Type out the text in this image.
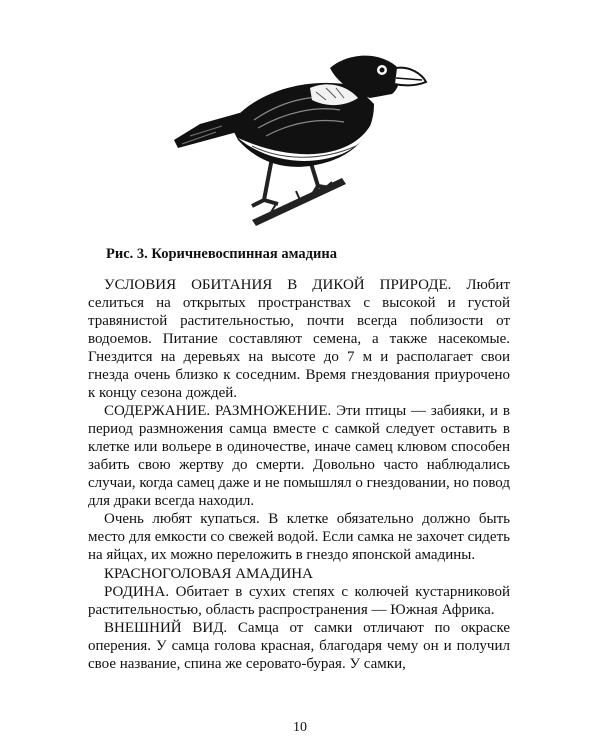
Рис. 3. Коричневоспинная амадина

УСЛОВИЯ ОБИТАНИЯ В ДИКОЙ ПРИРОДЕ. Любит селиться на открытых пространствах с высокой и густой травянистой растительностью, почти всегда поблизости от водоемов. Питание составляют семена, а также насекомые. Гнездится на деревьях на высоте до 7 м и располагает свои гнезда очень близко к соседним. Время гнездования приурочено к концу сезона дождей.

СОДЕРЖАНИЕ. РАЗМНОЖЕНИЕ. Эти птицы — забияки, и в период размножения самца вместе с самкой следует оставить в клетке или вольере в одиночестве, иначе самец клювом способен забить свою жертву до смерти. Довольно часто наблюдались случаи, когда самец даже и не помышлял о гнездовании, но повод для драки всегда находил.

Очень любят купаться. В клетке обязательно должно быть место для емкости со свежей водой. Если самка не захочет сидеть на яйцах, их можно переложить в гнездо японской амадины.

КРАСНОГОЛОВАЯ АМАДИНА

РОДИНА. Обитает в сухих степях с колючей кустарниковой растительностью, область распространения — Южная Африка.

ВНЕШНИЙ ВИД. Самца от самки отличают по окраске оперения. У самца голова красная, благодаря чему он и получил свое название, спина же серовато-бурая. У самки,

10
